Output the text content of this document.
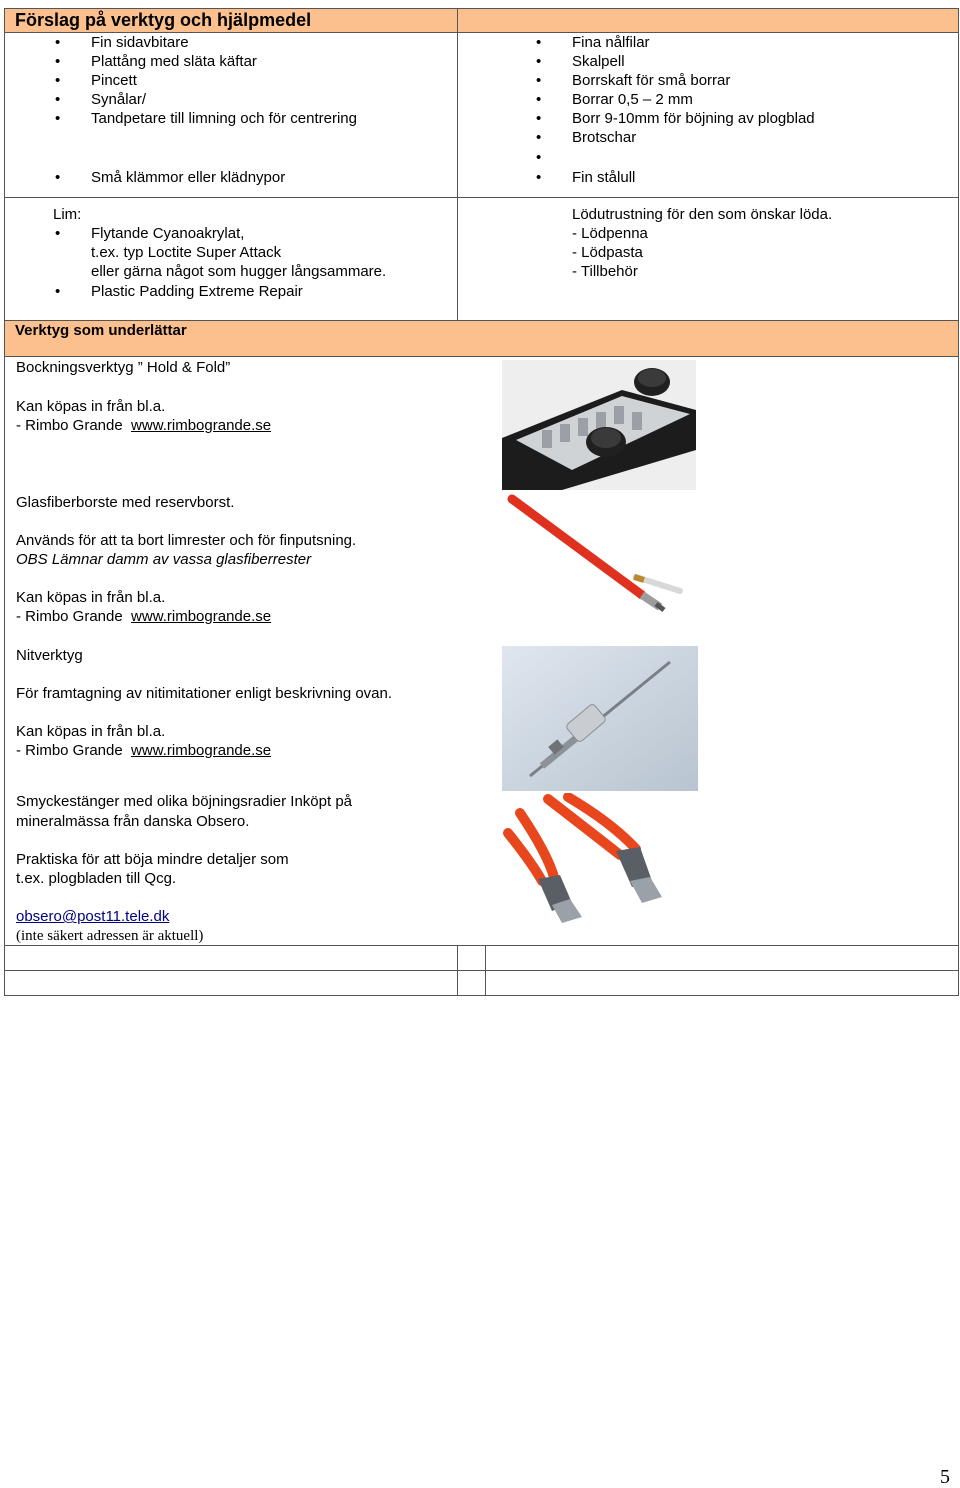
Förslag på verktyg och hjälpmedel
• Fin sidavbitare
• Plattång med släta käftar
• Pincett
• Synålar/
• Tandpetare till limning och för centrering
• Små klämmor eller klädnypor
• Fina nålfilar
• Skalpell
• Borrskaft för små borrar
• Borrar 0,5 – 2 mm
• Borr 9-10mm för böjning av plogblad
• Brotschar
• Fin stålull
Lim:
• Flytande Cyanoakrylat,
t.ex. typ Loctite Super Attack
eller gärna något som hugger långsammare.
• Plastic Padding Extreme Repair
Lödutrustning för den som önskar löda.
- Lödpenna
- Lödpasta
- Tillbehör
Verktyg som underlättar
Bockningsverktyg ” Hold & Fold”
Kan köpas in från bl.a.
- Rimbo Grande  www.rimbogrande.se
Glasfiberborste med reservborst.
Används för att ta bort limrester och för finputsning.
OBS Lämnar damm av vassa glasfiberrester
Kan köpas in från bl.a.
- Rimbo Grande  www.rimbogrande.se
Nitverktyg
För framtagning av nitimitationer enligt beskrivning ovan.
Kan köpas in från bl.a.
- Rimbo Grande  www.rimbogrande.se
Smyckestänger med olika böjningsradier Inköpt på
mineralmässa från danska Obsero.
Praktiska för att böja mindre detaljer som
t.ex. plogbladen till Qcg.
obsero@post11.tele.dk
(inte säkert adressen är aktuell)
5
